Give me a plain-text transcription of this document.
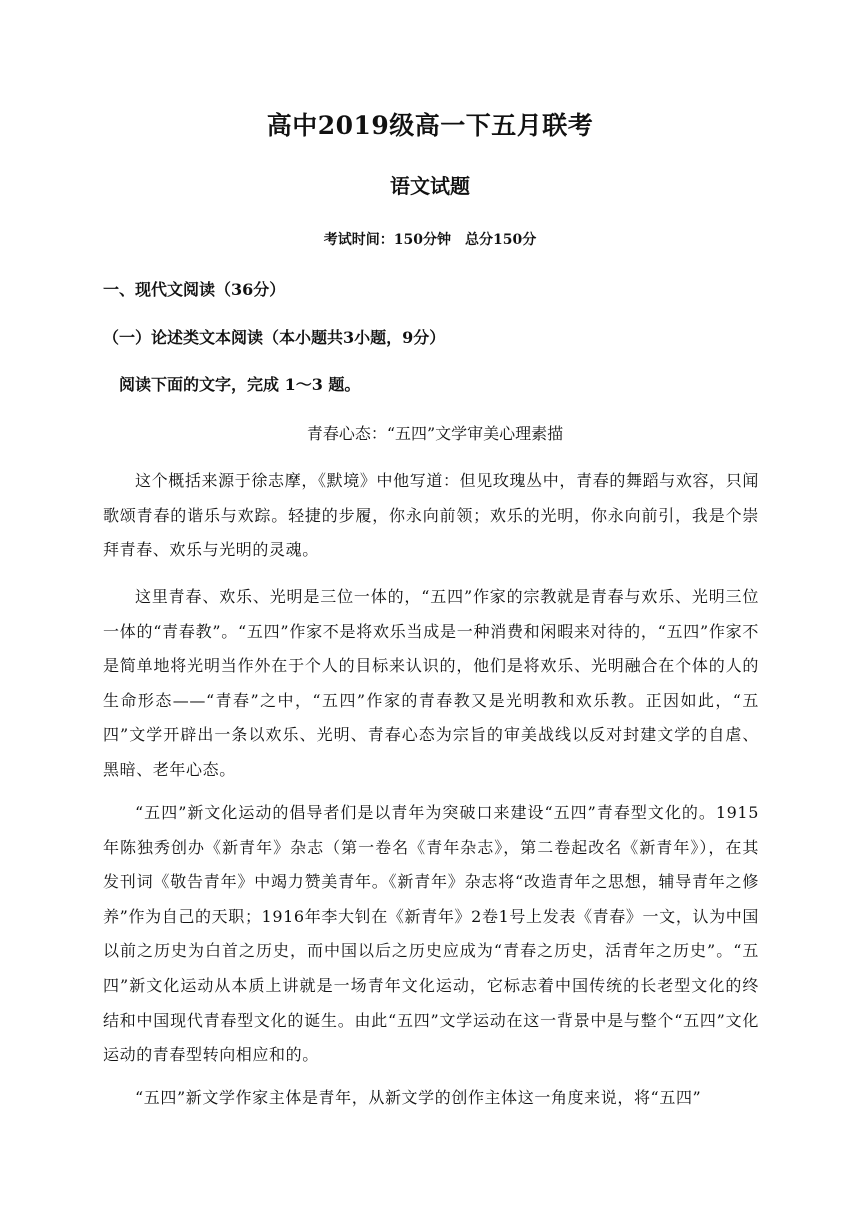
高中2019级高一下五月联考
语文试题
考试时间：150分钟　总分150分
一、现代文阅读（36分）
（一）论述类文本阅读（本小题共3小题，9分）
阅读下面的文字，完成 1～3 题。
青春心态：“五四”文学审美心理素描

这个概括来源于徐志摩，《默境》中他写道：但见玫瑰丛中，青春的舞蹈与欢容，只闻歌颂青春的谐乐与欢踪。轻捷的步履，你永向前领；欢乐的光明，你永向前引，我是个崇拜青春、欢乐与光明的灵魂。

这里青春、欢乐、光明是三位一体的，“五四”作家的宗教就是青春与欢乐、光明三位一体的“青春教”。“五四”作家不是将欢乐当成是一种消费和闲暇来对待的，“五四”作家不是简单地将光明当作外在于个人的目标来认识的，他们是将欢乐、光明融合在个体的人的生命形态——“青春”之中，“五四”作家的青春教又是光明教和欢乐教。正因如此，“五四”文学开辟出一条以欢乐、光明、青春心态为宗旨的审美战线以反对封建文学的自虐、黑暗、老年心态。

“五四”新文化运动的倡导者们是以青年为突破口来建设“五四”青春型文化的。1915 年陈独秀创办《新青年》杂志（第一卷名《青年杂志》，第二卷起改名《新青年》），在其发刊词《敬告青年》中竭力赞美青年。《新青年》杂志将“改造青年之思想，辅导青年之修养”作为自己的天职；1916年李大钊在《新青年》2卷1号上发表《青春》一文，认为中国以前之历史为白首之历史，而中国以后之历史应成为“青春之历史，活青年之历史”。“五四”新文化运动从本质上讲就是一场青年文化运动，它标志着中国传统的长老型文化的终结和中国现代青春型文化的诞生。由此“五四”文学运动在这一背景中是与整个“五四”文化运动的青春型转向相应和的。

“五四”新文学作家主体是青年，从新文学的创作主体这一角度来说，将“五四”
